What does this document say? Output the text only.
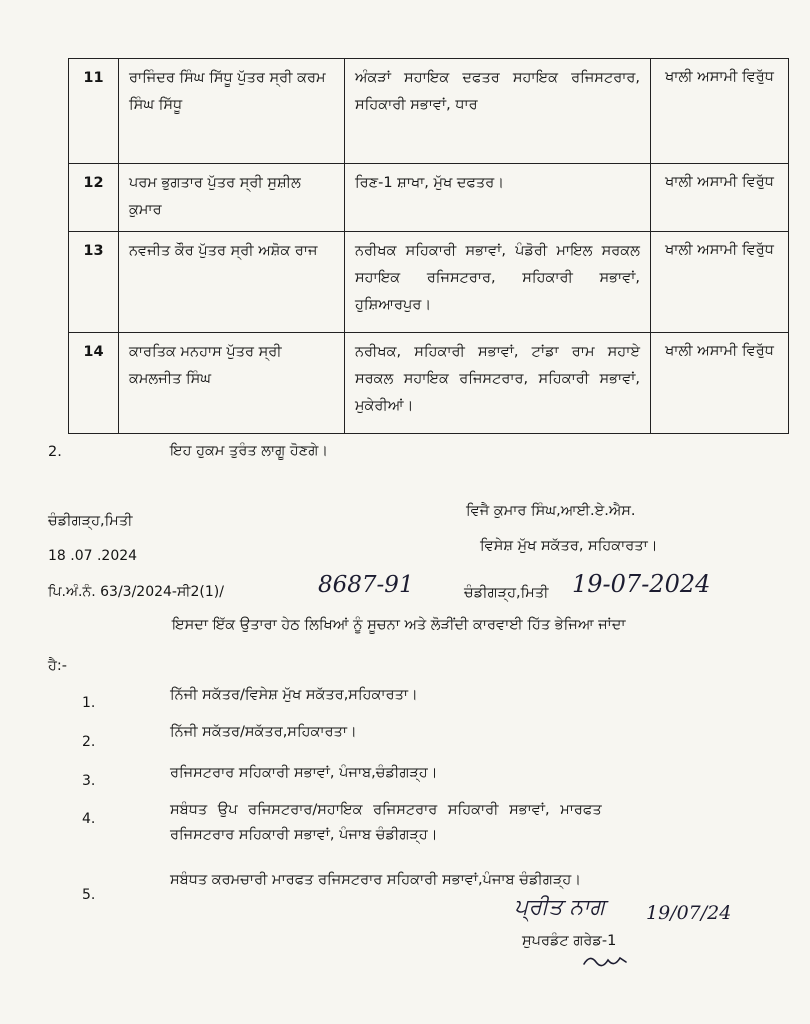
11	ਰਾਜਿੰਦਰ ਸਿੰਘ ਸਿੱਧੂ ਪੁੱਤਰ ਸ੍ਰੀ ਕਰਮ ਸਿੰਘ ਸਿੱਧੂ	ਅੰਕੜਾਂ ਸਹਾਇਕ ਦਫਤਰ ਸਹਾਇਕ ਰਜਿਸਟਰਾਰ, ਸਹਿਕਾਰੀ ਸਭਾਵਾਂ, ਧਾਰ	ਖਾਲੀ ਅਸਾਮੀ ਵਿਰੁੱਧ
12	ਪਰਮ ਭੁਗਤਾਰ ਪੁੱਤਰ ਸ੍ਰੀ ਸੁਸ਼ੀਲ ਕੁਮਾਰ	ਰਿਣ-1 ਸ਼ਾਖਾ, ਮੁੱਖ ਦਫਤਰ।	ਖਾਲੀ ਅਸਾਮੀ ਵਿਰੁੱਧ
13	ਨਵਜੀਤ ਕੌਰ ਪੁੱਤਰ ਸ੍ਰੀ ਅਸ਼ੋਕ ਰਾਜ	ਨਰੀਖਕ ਸਹਿਕਾਰੀ ਸਭਾਵਾਂ, ਪੰਡੋਰੀ ਮਾਇਲ ਸਰਕਲ ਸਹਾਇਕ ਰਜਿਸਟਰਾਰ, ਸਹਿਕਾਰੀ ਸਭਾਵਾਂ, ਹੁਸ਼ਿਆਰਪੁਰ।	ਖਾਲੀ ਅਸਾਮੀ ਵਿਰੁੱਧ
14	ਕਾਰਤਿਕ ਮਨਹਾਸ ਪੁੱਤਰ ਸ੍ਰੀ ਕਮਲਜੀਤ ਸਿੰਘ	ਨਰੀਖਕ, ਸਹਿਕਾਰੀ ਸਭਾਵਾਂ, ਟਾਂਡਾ ਰਾਮ ਸਹਾਏ ਸਰਕਲ ਸਹਾਇਕ ਰਜਿਸਟਰਾਰ, ਸਹਿਕਾਰੀ ਸਭਾਵਾਂ, ਮੁਕੇਰੀਆਂ।	ਖਾਲੀ ਅਸਾਮੀ ਵਿਰੁੱਧ
2.	ਇਹ ਹੁਕਮ ਤੁਰੰਤ ਲਾਗੂ ਹੋਣਗੇ।
ਚੰਡੀਗੜ੍ਹ,ਮਿਤੀ
18 .07 .2024
ਵਿਜੈ ਕੁਮਾਰ ਸਿੰਘ,ਆਈ.ਏ.ਐਸ.
ਵਿਸੇਸ਼ ਮੁੱਖ ਸਕੱਤਰ, ਸਹਿਕਾਰਤਾ।
ਪਿ.ਅੰ.ਨੰ. 63/3/2024-ਸੀ2(1)/	8687-91	ਚੰਡੀਗੜ੍ਹ,ਮਿਤੀ 19-07-2024
ਇਸਦਾ ਇੱਕ ਉਤਾਰਾ ਹੇਠ ਲਿਖਿਆਂ ਨੂੰ ਸੂਚਨਾ ਅਤੇ ਲੋੜੀਂਦੀ ਕਾਰਵਾਈ ਹਿੱਤ ਭੇਜਿਆ ਜਾਂਦਾ
ਹੈ:-
1.	ਨਿੱਜੀ ਸਕੱਤਰ/ਵਿਸੇਸ਼ ਮੁੱਖ ਸਕੱਤਰ,ਸਹਿਕਾਰਤਾ।
2.
ਨਿੱਜੀ ਸਕੱਤਰ/ਸਕੱਤਰ,ਸਹਿਕਾਰਤਾ।
3.	ਰਜਿਸਟਰਾਰ ਸਹਿਕਾਰੀ ਸਭਾਵਾਂ, ਪੰਜਾਬ,ਚੰਡੀਗੜ੍ਹ।
4.
ਸਬੰਧਤ ਉਪ ਰਜਿਸਟਰਾਰ/ਸਹਾਇਕ ਰਜਿਸਟਰਾਰ ਸਹਿਕਾਰੀ ਸਭਾਵਾਂ, ਮਾਰਫਤ
ਰਜਿਸਟਰਾਰ ਸਹਿਕਾਰੀ ਸਭਾਵਾਂ, ਪੰਜਾਬ ਚੰਡੀਗੜ੍ਹ।
5.
ਸਬੰਧਤ ਕਰਮਚਾਰੀ ਮਾਰਫਤ ਰਜਿਸਟਰਾਰ ਸਹਿਕਾਰੀ ਸਭਾਵਾਂ,ਪੰਜਾਬ ਚੰਡੀਗੜ੍ਹ।
ਪ੍ਰੀਤ ਨਾਗ 19/07/24
ਸੁਪਰਡੰਟ ਗਰੇਡ-1
